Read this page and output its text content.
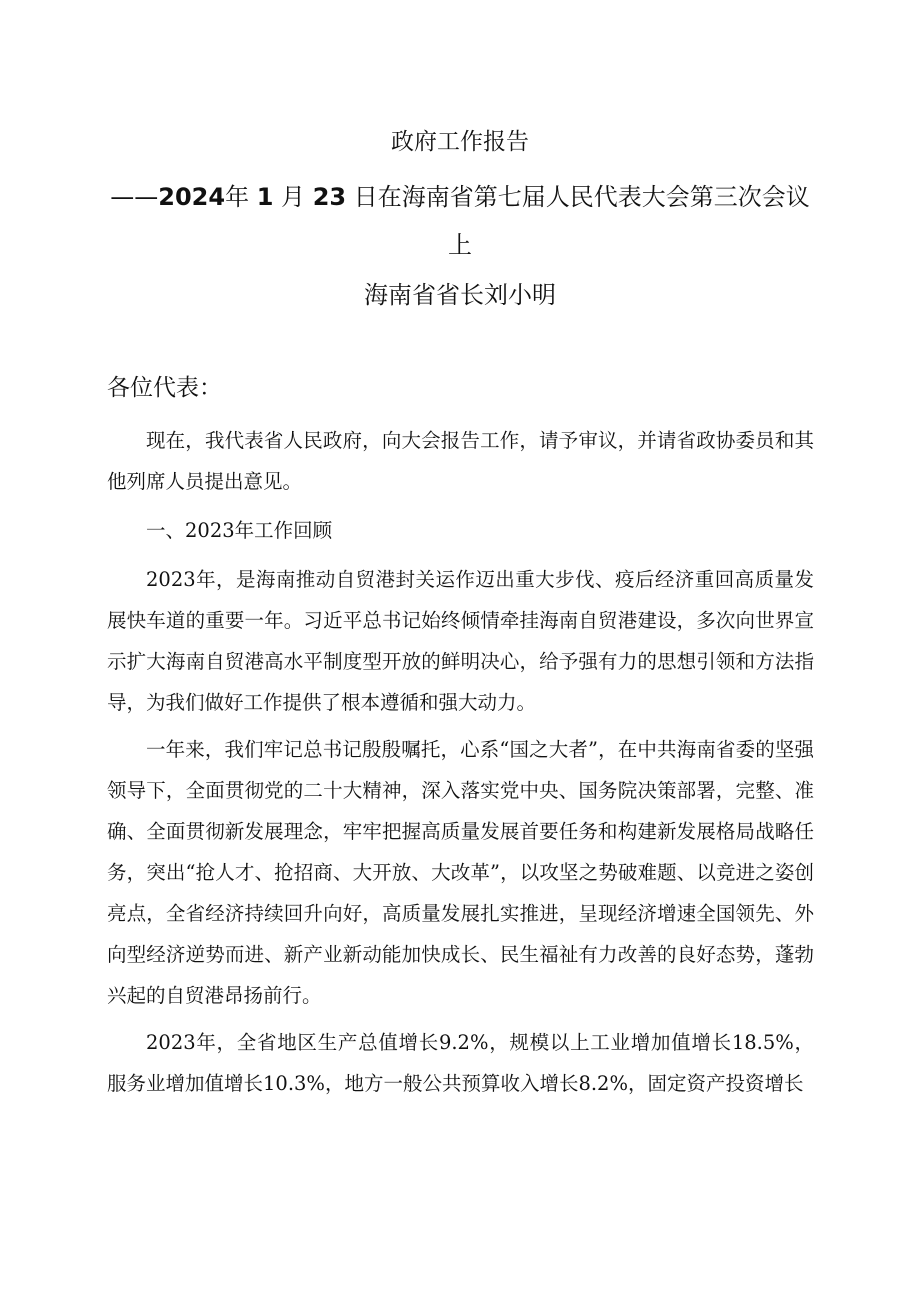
政府工作报告
——2024年 1 月 23 日在海南省第七届人民代表大会第三次会议
上
海南省省长刘小明
各位代表：

现在，我代表省人民政府，向大会报告工作，请予审议，并请省政协委员和其他列席人员提出意见。

一、2023年工作回顾

2023年，是海南推动自贸港封关运作迈出重大步伐、疫后经济重回高质量发展快车道的重要一年。习近平总书记始终倾情牵挂海南自贸港建设，多次向世界宣示扩大海南自贸港高水平制度型开放的鲜明决心，给予强有力的思想引领和方法指导，为我们做好工作提供了根本遵循和强大动力。

一年来，我们牢记总书记殷殷嘱托，心系“国之大者”，在中共海南省委的坚强领导下，全面贯彻党的二十大精神，深入落实党中央、国务院决策部署，完整、准确、全面贯彻新发展理念，牢牢把握高质量发展首要任务和构建新发展格局战略任务，突出“抢人才、抢招商、大开放、大改革”，以攻坚之势破难题、以竞进之姿创亮点，全省经济持续回升向好，高质量发展扎实推进，呈现经济增速全国领先、外向型经济逆势而进、新产业新动能加快成长、民生福祉有力改善的良好态势，蓬勃兴起的自贸港昂扬前行。

2023年，全省地区生产总值增长9.2%，规模以上工业增加值增长18.5%，服务业增加值增长10.3%，地方一般公共预算收入增长8.2%，固定资产投资增长
